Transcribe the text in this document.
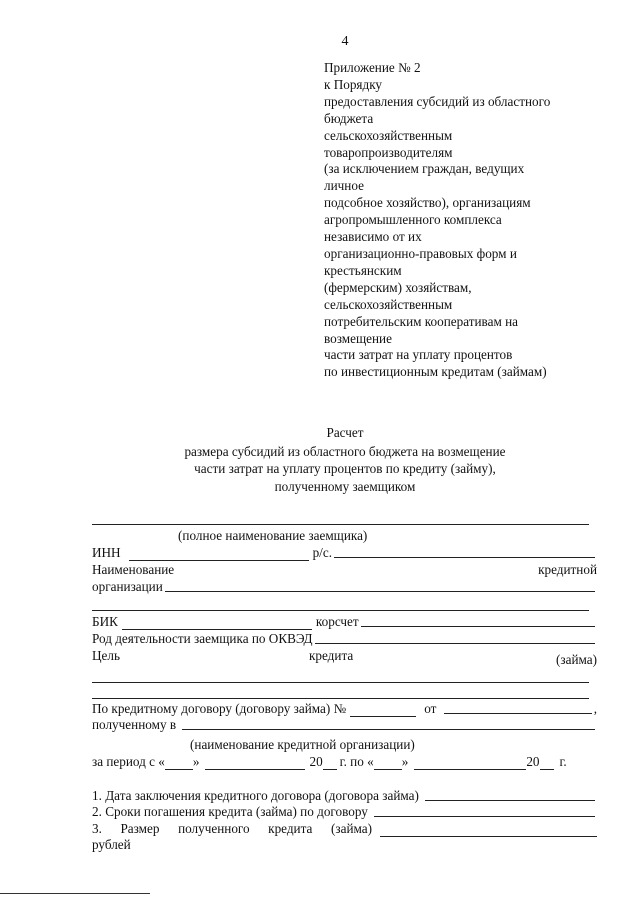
4
Приложение № 2
к Порядку
предоставления субсидий из областного
бюджета
сельскохозяйственным
товаропроизводителям
(за исключением граждан, ведущих
личное
подсобное хозяйство), организациям
агропромышленного комплекса
независимо от их
организационно-правовых форм и
крестьянским
(фермерским) хозяйствам,
сельскохозяйственным
потребительским кооперативам на
возмещение
части затрат на уплату процентов
по инвестиционным кредитам (займам)
Расчет
размера субсидий из областного бюджета на возмещение
части затрат на уплату процентов по кредиту (займу),
полученному заемщиком
(полное наименование заемщика)
ИНН	р/с.
Наименование	кредитной
организации
БИК	корсчет
Род деятельности заемщика по ОКВЭД
Цель	кредита	(займа)
По кредитному договору (договору займа) №	от	,
полученному в
(наименование кредитной организации)
за период с « »	20 г. по « »	20 г.
1. Дата заключения кредитного договора (договора займа)
2. Сроки погашения кредита (займа) по договору
3. Размер полученного кредита (займа)
рублей
